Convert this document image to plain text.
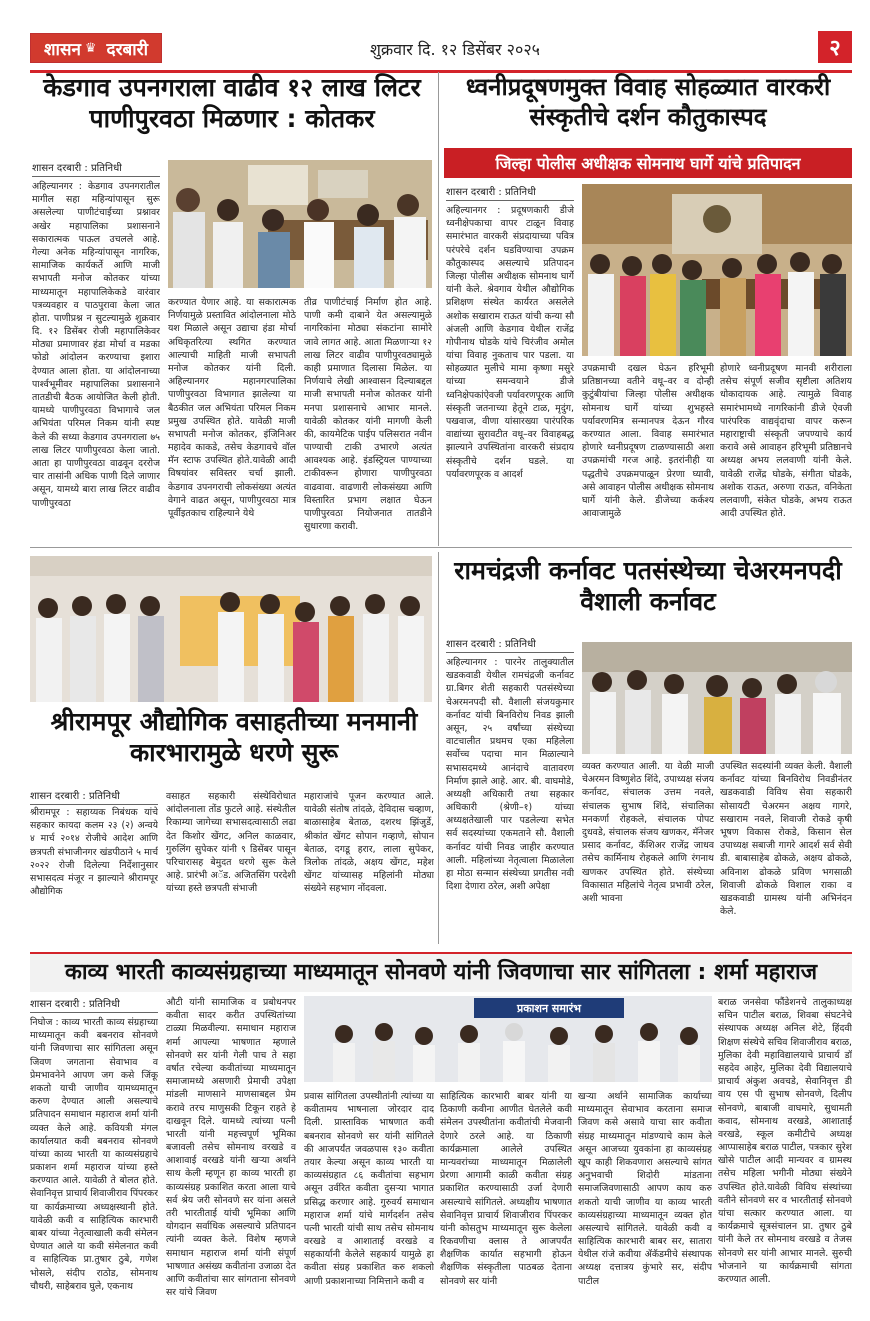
शासन ♛ दरबारी	शुक्रवार दि. १२ डिसेंबर २०२५	२
केडगाव उपनगराला वाढीव १२ लाख लिटर पाणीपुरवठा मिळणार : कोतकर
शासन दरबारी : प्रतिनिधी
अहिल्यानगर : केडगाव उपनगरातील मागील सहा महिन्यांपासून सुरू असलेल्या पाणीटंचाईच्या प्रश्नावर अखेर महापालिका प्रशासनाने सकारात्मक पाऊल उचलले आहे. गेल्या अनेक महिन्यांपासून नागरिक, सामाजिक कार्यकर्ते आणि माजी सभापती मनोज कोतकर यांच्या माध्यमातून महापालिकेकडे वारंवार पत्रव्यवहार व पाठपुरावा केला जात होता. पाणीप्रश्न न सुटल्यामुळे शुक्रवार दि. १२ डिसेंबर रोजी महापालिकेवर मोठ्या प्रमाणावर हंडा मोर्चा व मडका फोडो आंदोलन करण्याचा इशारा देण्यात आला होता. या आंदोलनाच्या पार्श्वभूमीवर महापालिका प्रशासनाने तातडीची बैठक आयोजित केली होती. यामध्ये पाणीपुरवठा विभागाचे जल अभियंता परिमल निकम यांनी स्पष्ट केले की सध्या केडगाव उपनगराला ७५ लाख लिटर पाणीपुरवठा केला जातो. आता हा पाणीपुरवठा वाढवून दररोज चार तासांनी अधिक पाणी दिले जाणार असून, यामध्ये बारा लाख लिटर वाढीव पाणीपुरवठा
करण्यात येणार आहे. या सकारात्मक निर्णयामुळे प्रस्तावित आंदोलनाला मोठे यश मिळाले असून उद्याचा हंडा मोर्चा अधिकृतरित्या स्थगित करण्यात आल्याची माहिती माजी सभापती मनोज कोतकर यांनी दिली. अहिल्यानगर महानगरपालिका पाणीपुरवठा विभागात झालेल्या या बैठकीत जल अभियंता परिमल निकम प्रमुख उपस्थित होते. यावेळी माजी सभापती मनोज कोतकर, इंजिनिअर महादेव काकडे, तसेच केडगावचे वॉल मॅन स्टाफ उपस्थित होते.यावेळी आदी विषयांवर सविस्तर चर्चा झाली. केडगाव उपनगराची लोकसंख्या अत्यंत वेगाने वाढत असून, पाणीपुरवठा मात्र पूर्वीइतकाच राहिल्याने येथे
तीव्र पाणीटंचाई निर्माण होत आहे. पाणी कमी दाबाने येत असल्यामुळे नागरिकांना मोठ्या संकटांना सामोरे जावे लागत आहे. आता मिळणाऱ्या १२ लाख लिटर वाढीव पाणीपुरवठ्यामुळे काही प्रमाणात दिलासा मिळेल. या निर्णयाचे लेखी आश्वासन दिल्याबद्दल माजी सभापती मनोज कोतकर यांनी मनपा प्रशासनाचे आभार मानले. यावेळी कोतकर यांनी मागणी केली की, कायमेटिक पाईप पलिसरात नवीन पाण्याची टाकी उभारणे अत्यंत आवश्यक आहे. इंडस्ट्रियल पाण्याच्या टाकीवरून होणारा पाणीपुरवठा वाढवावा. वाढणारी लोकसंख्या आणि विस्तारित प्रभाग लक्षात घेऊन पाणीपुरवठा नियोजनात तातडीने सुधारणा करावी.
ध्वनीप्रदूषणमुक्त विवाह सोहळ्यात वारकरी संस्कृतीचे दर्शन कौतुकास्पद
जिल्हा पोलीस अधीक्षक सोमनाथ घार्गे यांचे प्रतिपादन
शासन दरबारी : प्रतिनिधी
अहिल्यानगर : प्रदूषणकारी डीजे ध्वनीक्षेपकाचा वापर टाळून विवाह समारंभात वारकरी संप्रदायाच्या पवित्र परंपरेचे दर्शन घडविण्याचा उपक्रम कौतुकास्पद असल्याचे प्रतिपादन जिल्हा पोलीस अधीक्षक सोमनाथ घार्गे यांनी केले. श्रेवगाव येथील औद्योगिक प्रशिक्षण संस्थेत कार्यरत असलेले अशोक सखाराम राऊत यांची कन्या सौ अंजली आणि केडगाव येथील राजेंद्र गोपीनाथ घोडके यांचे चिरंजीव अमोल यांचा विवाह नुकताच पार पडला. या सोहळ्यात मुलीचे मामा कृष्णा मसुरे यांच्या समन्वयाने डीजे ध्वनिक्षेपकांऐवजी पर्यावरणपूरक आणि संस्कृती जतनाच्या हेतूने टाळ, मृदुंग, पखवाज, वीणा यांसारख्या पारंपरिक वाद्यांच्या सुरावटीत वधू–वर विवाहबद्ध झाल्याने उपस्थितांना वारकरी संप्रदाय संस्कृतीचे दर्शन घडले. या पर्यावरणपूरक व आदर्श
उपक्रमाची दखल घेऊन हरिभूमी प्रतिष्ठानच्या वतीने वधू–वर व दोन्ही कुटुंबीयांचा जिल्हा पोलीस अधीक्षक सोमनाथ घार्गे यांच्या शुभहस्ते पर्यावरणमित्र सन्मानपत्र देऊन गौरव करण्यात आला. विवाह समारंभात होणारे ध्वनीप्रदूषण टाळण्यासाठी अशा उपक्रमांची गरज आहे. इतरांनीही या पद्धतीचे उपक्रमपाळून प्रेरणा घ्यावी, असे आवाहन पोलीस अधीक्षक सोमनाथ घार्गे यांनी केले. डीजेच्या कर्कश्य आवाजामुळे
होणारे ध्वनीप्रदूषण मानवी शरीराला तसेच संपूर्ण सजीव सृष्टीला अतिशय धोकादायक आहे. त्यामुळे विवाह समारंभामध्ये नागरिकांनी डीजे ऐवजी पारंपरिक वाद्यवृंदाचा वापर करून महाराष्ट्राची संस्कृती जपण्याचे कार्य करावे असे आवाहन हरिभूमी प्रतिष्ठानचे अध्यक्ष अभय ललवाणी यांनी केले. यावेळी राजेंद्र घोडके, संगीता घोडके, अशोक राऊत, अरुणा राऊत, वनिकेता ललवाणी, संकेत घोडके, अभय राऊत आदी उपस्थित होते.
श्रीरामपूर औद्योगिक वसाहतीच्या मनमानी कारभारामुळे धरणे सुरू
शासन दरबारी : प्रतिनिधी
श्रीरामपूर : सहाय्यक निबंधक यांचे सहकार कायदा कलम २३ (२) अन्वये ४ मार्च २०१४ रोजीचे आदेश आणि छत्रपती संभाजीनगर खंडपीठाने ५ मार्च २०२२ रोजी दिलेल्या निर्देशानुसार सभासदत्व मंजूर न झाल्याने श्रीरामपूर औद्योगिक
वसाहत सहकारी संस्थेविरोधात आंदोलनाला तोंड फुटले आहे. संस्थेतील रिकाम्या जागेच्या सभासदत्वासाठी लढा देत किशोर खेंगट, अनिल काळवार, गुरुलिंग सुपेकर यांनी ९ डिसेंबर पासून परिचारासह बेमुदत धरणे सुरू केले आहे. प्रारंभी अॅड. अजितसिंग परदेशी यांच्या हस्ते छत्रपती संभाजी
महाराजांचे पूजन करण्यात आले. यावेळी संतोष तांदळे, देविदास चव्हाण, बाळासाहेब बेताळ, दशरथ झिंजुर्डे, श्रीकांत खेंगट सोपान गव्हाणे, सोपान बेताळ, दगडू हरार, लाला सुपेकर, त्रिलोक तांदळे, अक्षय खेंगट, महेश खेंगट यांच्यासह महिलांनी मोठ्या संख्येने सहभाग नोंदवला.
रामचंद्रजी कर्नावट पतसंस्थेच्या चेअरमनपदी वैशाली कर्नावट
शासन दरबारी : प्रतिनिधी
अहिल्यानगर : पारनेर तालुक्यातील खडकवाडी येथील रामचंद्रजी कर्नावट ग्रा.बिगर शेती सहकारी पतसंस्थेच्या चेअरमनपदी सौ. वैशाली संजयकुमार कर्नावट यांची बिनविरोध निवड झाली असून, २५ वर्षांच्या संस्थेच्या वाटचालीत प्रथमच एका महिलेला सर्वोच्च पदाचा मान मिळाल्याने सभासदमध्ये आनंदाचे वातावरण निर्माण झाले आहे. आर. बी. वाघमोडे, अध्यक्षी अधिकारी तथा सहकार अधिकारी (श्रेणी–१) यांच्या अध्यक्षतेखाली पार पडलेल्या सभेत सर्व सदस्यांच्या एकमताने सौ. वैशाली कर्नावट यांची निवड जाहीर करण्यात आली. महिलांच्या नेतृत्वाला मिळालेला हा मोठा सन्मान संस्थेच्या प्रगतीस नवी दिशा देणारा ठरेल, अशी अपेक्षा
व्यक्त करण्यात आली. या वेळी माजी चेअरमन विष्णुशेठ शिंदे, उपाध्यक्ष संजय कर्नावट, संचालक उत्तम नवले, संचालक सुभाष शिंदे, संचालिका मनकर्णा रोहकले, संचालक पोपट दुधवडे, संचालक संजय खणकर, मॅनेजर प्रसाद कर्नावट, कॅशिअर राजेंद्र जाधव तसेच कार्मिनाथ रोहकले आणि रंगनाथ खणकर उपस्थित होते. संस्थेच्या विकासात महिलांचे नेतृत्व प्रभावी ठरेल, अशी भावना
उपस्थित सदस्यांनी व्यक्त केली. वैशाली कर्नावट यांच्या बिनविरोध निवडीनंतर खडकवाडी विविध सेवा सहकारी सोसायटी चेअरमन अक्षय गागरे, सखाराम नवले, शिवाजी रोकडे कृषी भूषण विकास रोकडे, किसान सेल उपाध्यक्ष सबाजी गागरे आदर्श सर्व सेवी डी. बाबासाहेब ढोकळे, अक्षय ढोकळे, अविनाश ढोकळे प्रविण भगसाळी शिवाजी ढोकळे विशाल राका व खडकवाडी ग्रामस्थ यांनी अभिनंदन केले.
काव्य भारती काव्यसंग्रहाच्या माध्यमातून सोनवणे यांनी जिवणाचा सार सांगितला : शर्मा महाराज
शासन दरबारी : प्रतिनिधी
निघोज : काव्य भारती काव्य संग्रहाच्या माध्यमातून कवी बबनराव सोनवणे यांनी जिवणाचा सार सांगितला असून जिवण जगताना सेवाभाव व प्रेमभावनेने आपण जग कसे जिंकू शकतो याची जाणीव यामध्यमातून करुण देण्यात आली असल्याचे प्रतिपादन समाधान महाराज शर्मा यांनी व्यक्त केले आहे. कवियत्री मंगल कार्यालयात कवी बबनराव सोनवणे यांच्या काव्य भारती या काव्यसंग्रहाचे प्रकाशन शर्मा महाराज यांच्या हस्ते करण्यात आले. यावेळी ते बोलत होते. सेवानिवृत्त प्राचार्य शिवाजीराव पिंपरकर या कार्यक्रमाच्या अध्यक्षस्थानी होते. यावेळी कवी व साहित्यिक कारभारी बाबर यांच्या नेतृत्वाखाली कवी संमेलन घेण्यात आले या कवी संमेलनात कवी व साहित्यिक प्रा.तुषार ठुबे, गणेश भोसले, संदीप राठोड, सोमनाथ चौधरी, साहेबराव घुले, एकनाथ
औटी यांनी सामाजिक व प्रबोधनपर कवीता सादर करीत उपस्थितांच्या टाळ्या मिळवील्या. समाधान महाराज शर्मा आपल्या भाषणात म्हणाले सोनवणे सर यांनी गेली पाच ते सहा वर्षात रचेल्या कवीतांच्या माध्यमातून समाजामध्ये असणारी प्रेमाची उपेक्षा मांडली माणसाने माणसाबद्दल प्रेम करावे तरच माणुसकी टिकून राहते हे दाखवून दिले. यामध्ये त्यांच्या पत्नी भारती यांनी महत्त्वपूर्ण भूमिका बजावली तसेच सोमनाथ वरखडे व आशावाई वरखडे यांनी खऱ्या अर्थाने साथ केली म्हणून हा काव्य भारती हा काव्यसंग्रह प्रकाशित करता आला याचे सर्व श्रेय जरी सोनवणे सर यांना असले तरी भारतीताई यांची भूमिका आणि योगदान सर्वाधिक असल्याचे प्रतिपादन त्यांनी व्यक्त केले. विशेष म्हणजे समाधान महाराज शर्मा यांनी संपूर्ण भाषणात असंख्य कवीतांना उजाळा देत आणि कवीतांचा सार सांगताना सोनवणे सर यांचे जिवण
प्रकाशन समारंभ
प्रवास सांगितला उपस्थीतांनी त्यांच्या या कवीतामय भाषनाला जोरदार दाद दिली. प्रास्ताविक भाषणात कवी बबनराव सोनवणे सर यांनी सांगितले की आजपर्यंत जवळपास १३० कवीता तयार केल्या असून काव्य भारती या काव्यसंग्रहात ८६ कवीतांचा सहभाग असून उर्वरित कवीता दुसऱ्या भागात प्रसिद्ध करणार आहे. गुरुवर्य समाधान महाराज शर्मा यांचे मार्गदर्शन तसेच पत्नी भारती यांची साथ तसेच सोमनाथ वरखडे व आशाताई वरखडे व सहकार्यानी केलेले सहकार्य यामुळे हा कवीता संग्रह प्रकाशित करु शकलो आणी प्रकाशनाच्या निमित्ताने कवी व
साहित्यिक कारभारी बाबर यांनी या ठिकाणी कवीना आणीत घेतलेले कवी संमेलन उपस्थीतांना कवीतांची मेजवानी देणारे ठरले आहे. या ठिकाणी कार्यक्रमाला आलेले उपस्थित मान्यवरांच्या माध्यमातून मिळालेली प्रेरणा आगामी काळी कवीता संग्रह प्रकाशित करण्यासाठी उर्जा देणारी असल्याचे सांगितले. अध्यक्षीय भाषणात सेवानिवृत्त प्राचार्य शिवाजीराव पिंपरकर यांनी कोसतुभ माध्यमातून सुरू केलेला रिकवणीचा क्लास ते आजपर्यंत शैक्षणिक कार्यात सहभागी होऊन शैक्षणिक संस्कृतीला पाठबळ देताना सोनवणे सर यांनी
खऱ्या अर्थाने सामाजिक कार्याच्या माध्यमातून सेवाभाव करताना समाज जिवण कसे असावे याचा सार कवीता संग्रह माध्यमातून मांडण्याचे काम केले असून आजच्या युवकांना हा काव्यसंग्रह खूप काही शिकवणारा असल्याचे सांगत अनुभवाची शिदोरी मांडताना समाजजिवणासाठी आपण काय करु शकतो याची जाणीव या काव्य भारती काव्यसंग्रहाच्या माध्यमातून व्यक्त होत असल्याचे सांगितले. यावेळी कवी व साहित्यिक कारभारी बाबर सर, सातारा येथील रांजे कवीया ॲकॅडमीचे संस्थापक अध्यक्ष दत्तात्रय कुंभारे सर, संदीप पाटील
बराळ जनसेवा फौंडेशनचे तालुकाध्यक्ष सचिन पाटील बराळ, शिवबा संघटनेचे संस्थापक अध्यक्ष अनिल शेटे, हिंदवी शिक्षण संस्थेचे सचिव शिवाजीराव बराळ, मुलिका देवी महाविद्यालयाचे प्राचार्य डॉ सहदेव आहेर, मुलिका देवी विद्यालयाचे प्राचार्य अंकुश अवचडे, सेवानिवृत्त डी वाय एस पी सुभाष सोनवणे, दिलीप सोनवणे, बाबाजी वाघमारे, सुधामती कवाद, सोमनाथ वरखडे, आशाताई वरखडे, स्कूल कमीटीचे अध्यक्ष आप्पासाहेब बराळ पाटील, पत्रकार सुरेश खोसे पाटील आदी मान्यवर व ग्रामस्थ तसेच महिला भगीनी मोठ्या संख्येने उपस्थित होते.यावेळी विविध संस्थांच्या वतीने सोनवणे सर व भारतीताई सोनवणे यांचा सत्कार करण्यात आला. या कार्यक्रमाचे सूत्रसंचालन प्रा. तुषार ठुबे यांनी केले तर सोमनाथ वरखडे व तेजस सोनवणे सर यांनी आभार मानले. सुरुची भोजनाने या कार्यक्रमाची सांगता करण्यात आली.
